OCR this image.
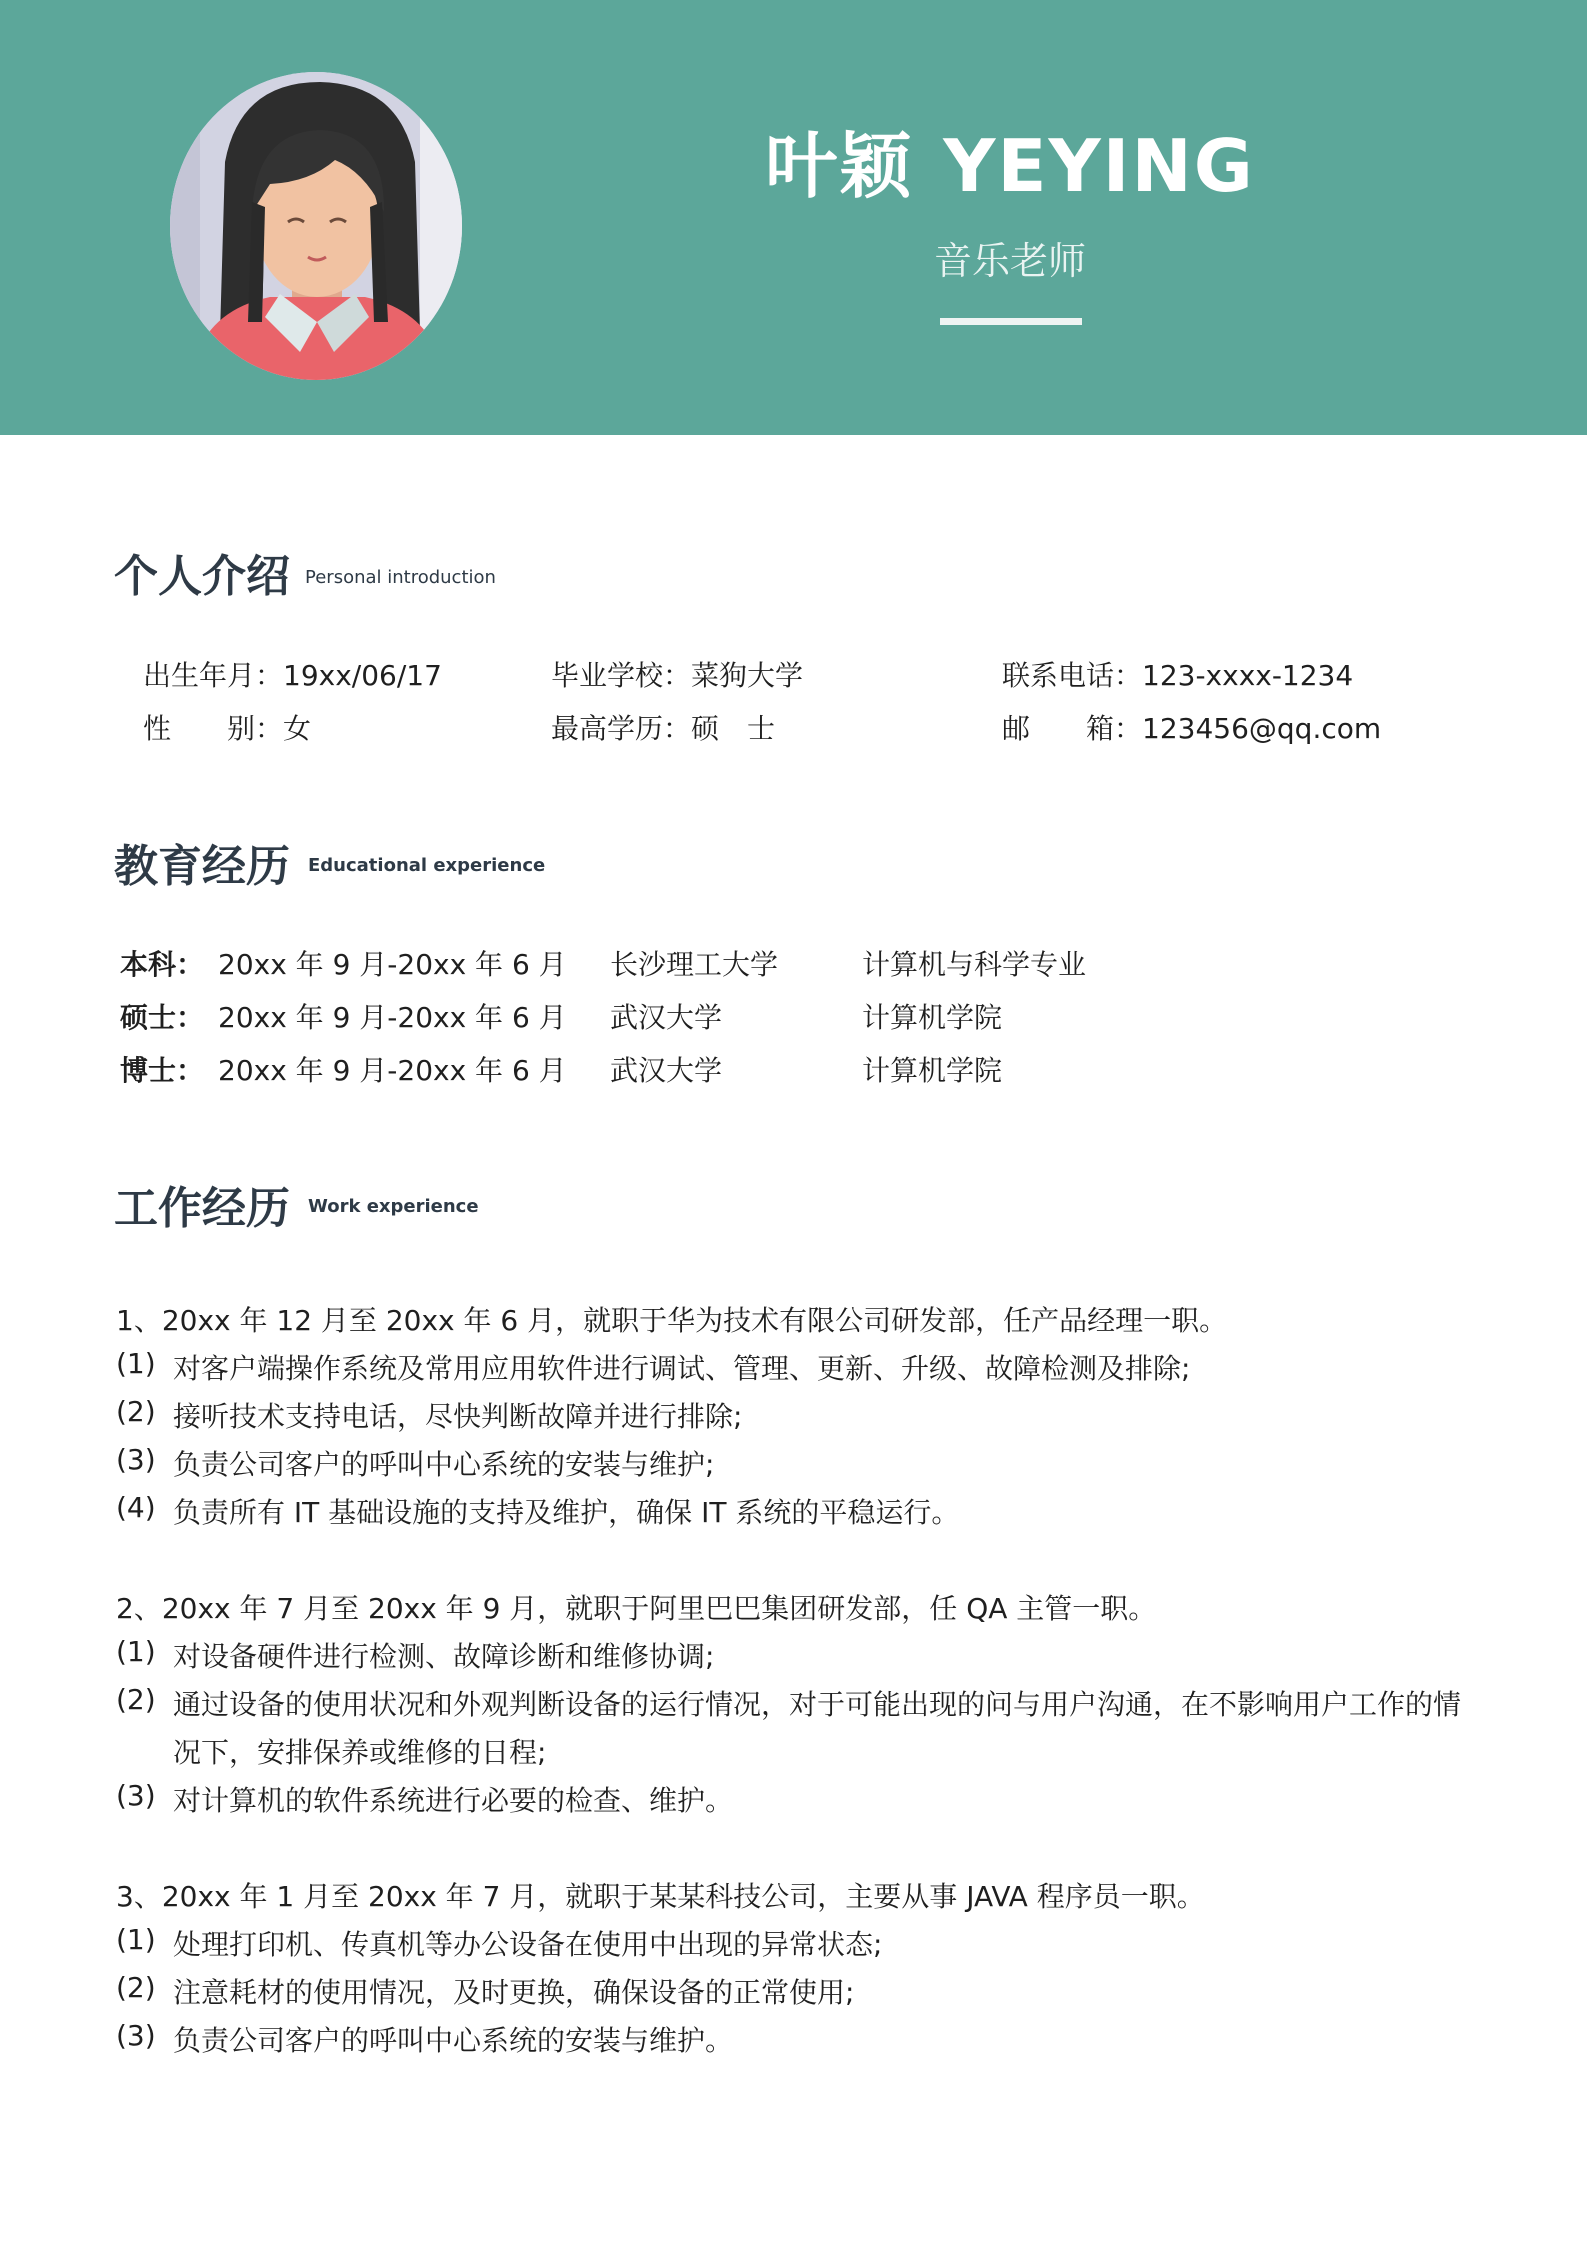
叶颖 YEYING
音乐老师
个人介绍 Personal introduction
出生年月：19xx/06/17	毕业学校：菜狗大学	联系电话：123-xxxx-1234
性　　别：女	最高学历：硕　士	邮　　箱：123456@qq.com
教育经历 Educational experience
本科： 20xx 年 9 月-20xx 年 6 月 长沙理工大学	计算机与科学专业
硕士： 20xx 年 9 月-20xx 年 6 月 武汉大学	计算机学院
博士： 20xx 年 9 月-20xx 年 6 月 武汉大学	计算机学院
工作经历 Work experience
1、20xx 年 12 月至 20xx 年 6 月，就职于华为技术有限公司研发部，任产品经理一职。
(1) 对客户端操作系统及常用应用软件进行调试、管理、更新、升级、故障检测及排除;
(2) 接听技术支持电话，尽快判断故障并进行排除;
(3) 负责公司客户的呼叫中心系统的安装与维护;
(4) 负责所有 IT 基础设施的支持及维护，确保 IT 系统的平稳运行。
2、20xx 年 7 月至 20xx 年 9 月，就职于阿里巴巴集团研发部，任 QA 主管一职。
(1) 对设备硬件进行检测、故障诊断和维修协调;
(2) 通过设备的使用状况和外观判断设备的运行情况，对于可能出现的问与用户沟通，在不影响用户工作的情
况下，安排保养或维修的日程;
(3) 对计算机的软件系统进行必要的检查、维护。
3、20xx 年 1 月至 20xx 年 7 月，就职于某某科技公司，主要从事 JAVA 程序员一职。
(1) 处理打印机、传真机等办公设备在使用中出现的异常状态;
(2) 注意耗材的使用情况，及时更换，确保设备的正常使用;
(3) 负责公司客户的呼叫中心系统的安装与维护。
